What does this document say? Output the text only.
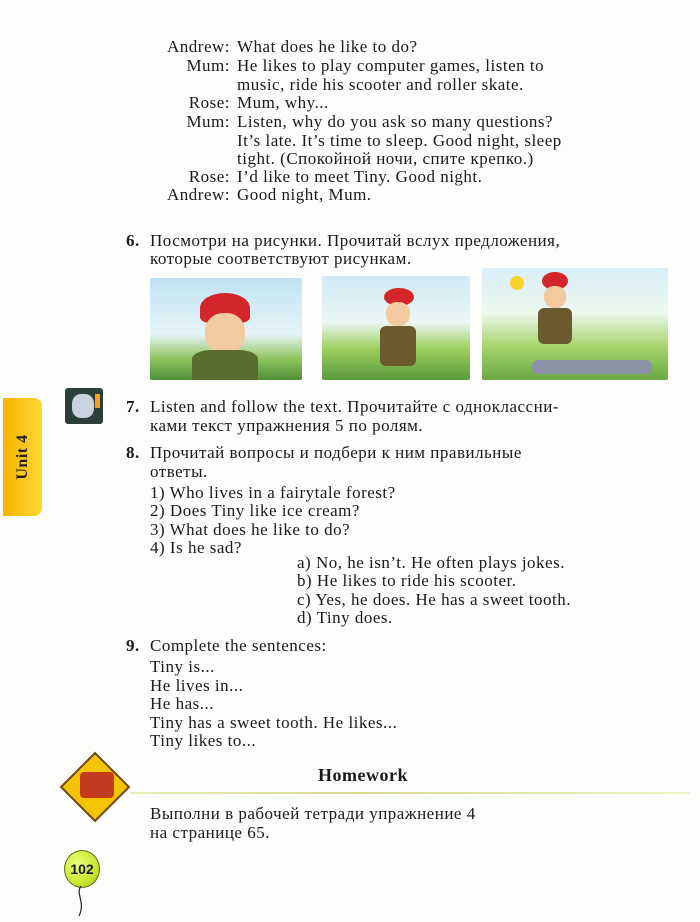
Andrew: What does he like to do?
Mum: He likes to play computer games, listen to
music, ride his scooter and roller skate.
Rose: Mum, why...
Mum: Listen, why do you ask so many questions?
It’s late. It’s time to sleep. Good night, sleep
tight. (Спокойной ночи, спите крепко.)
Rose: I’d like to meet Tiny. Good night.
Andrew: Good night, Mum.
6. Посмотри на рисунки. Прочитай вслух предложения,
которые соответствуют рисункам.
Unit 4
7. Listen and follow the text. Прочитайте с одноклассни-
ками текст упражнения 5 по ролям.
8. Прочитай вопросы и подбери к ним правильные
ответы.
1) Who lives in a fairytale forest?
2) Does Tiny like ice cream?
3) What does he like to do?
4) Is he sad?
a) No, he isn’t. He often plays jokes.
b) He likes to ride his scooter.
c) Yes, he does. He has a sweet tooth.
d) Tiny does.
9. Complete the sentences:
Tiny is...
He lives in...
He has...
Tiny has a sweet tooth. He likes...
Tiny likes to...
Homework
Выполни в рабочей тетради упражнение 4
на странице 65.
102
